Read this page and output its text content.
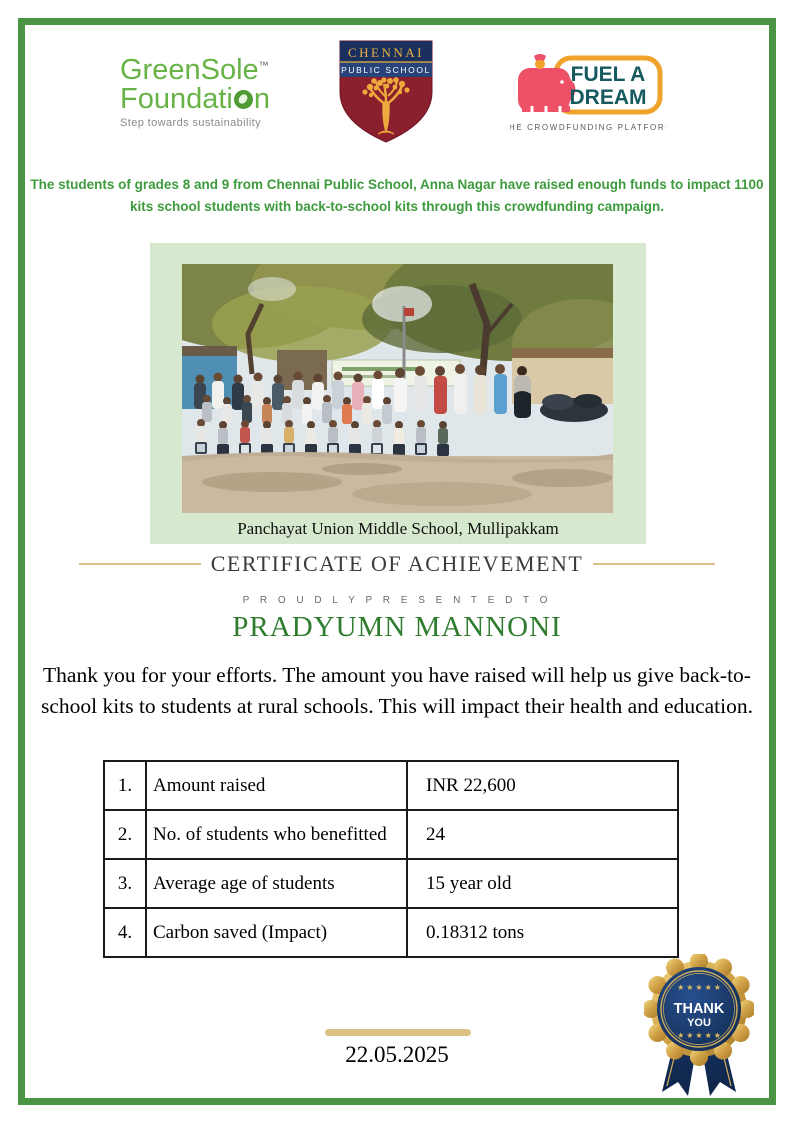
GreenSole™
Foundati n
Step towards sustainability
CHENNAI
PUBLIC SCHOOL	FUEL A
DREAM
THE CROWDFUNDING PLATFORM
The students of grades 8 and 9 from Chennai Public School, Anna Nagar have raised enough funds to impact 1100 kits school students with back-to-school kits through this crowdfunding campaign.
Panchayat Union Middle School, Mullipakkam
CERTIFICATE OF ACHIEVEMENT
P R O U D L Y P R E S E N T E D T O
PRADYUMN MANNONI
Thank you for your efforts. The amount you have raised will help us give back-to-school kits to students at rural schools. This will impact their health and education.
1.	Amount raised	INR 22,600
2.	No. of students who benefitted	24
3.	Average age of students	15 year old
4.	Carbon saved (Impact)	0.18312 tons
22.05.2025
★ ★ ★ ★ ★
THANK
YOU
★ ★ ★ ★ ★
